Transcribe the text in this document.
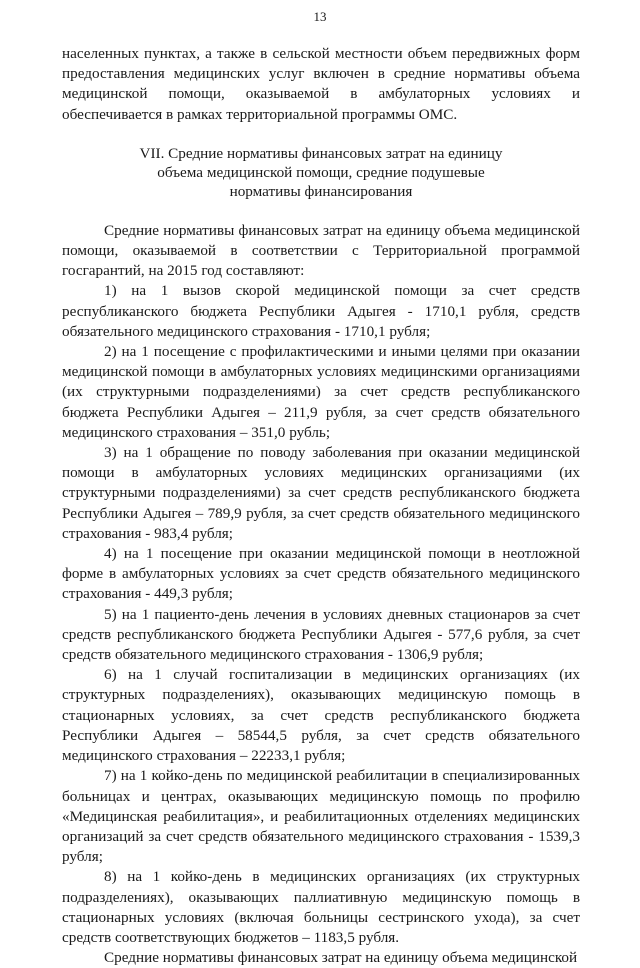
13

населенных пунктах, а также в сельской местности объем передвижных форм предоставления медицинских услуг включен в средние нормативы объема медицинской помощи, оказываемой в амбулаторных условиях и обеспечивается в рамках территориальной программы ОМС.

VII. Средние нормативы финансовых затрат на единицу
объема медицинской помощи, средние подушевые
нормативы финансирования

Средние нормативы финансовых затрат на единицу объема медицинской помощи, оказываемой в соответствии с Территориальной программой госгарантий, на 2015 год составляют:

1) на 1 вызов скорой медицинской помощи за счет средств республиканского бюджета Республики Адыгея - 1710,1 рубля, средств обязательного медицинского страхования - 1710,1 рубля;

2) на 1 посещение с профилактическими и иными целями при оказании медицинской помощи в амбулаторных условиях медицинскими организациями (их структурными подразделениями) за счет средств республиканского бюджета Республики Адыгея – 211,9 рубля, за счет средств обязательного медицинского страхования – 351,0 рубль;

3) на 1 обращение по поводу заболевания при оказании медицинской помощи в амбулаторных условиях медицинских организациями (их структурными подразделениями) за счет средств республиканского бюджета Республики Адыгея – 789,9 рубля, за счет средств обязательного медицинского страхования - 983,4 рубля;

4) на 1 посещение при оказании медицинской помощи в неотложной форме в амбулаторных условиях за счет средств обязательного медицинского страхования - 449,3 рубля;

5) на 1 пациенто-день лечения в условиях дневных стационаров за счет средств республиканского бюджета Республики Адыгея - 577,6 рубля, за счет средств обязательного медицинского страхования - 1306,9 рубля;

6) на 1 случай госпитализации в медицинских организациях (их структурных подразделениях), оказывающих медицинскую помощь в стационарных условиях, за счет средств республиканского бюджета Республики Адыгея – 58544,5 рубля, за счет средств обязательного медицинского страхования – 22233,1 рубля;

7) на 1 койко-день по медицинской реабилитации в специализированных больницах и центрах, оказывающих медицинскую помощь по профилю «Медицинская реабилитация», и реабилитационных отделениях медицинских организаций за счет средств обязательного медицинского страхования - 1539,3 рубля;

8) на 1 койко-день в медицинских организациях (их структурных подразделениях), оказывающих паллиативную медицинскую помощь в стационарных условиях (включая больницы сестринского ухода), за счет средств соответствующих бюджетов – 1183,5 рубля.

Средние нормативы финансовых затрат на единицу объема медицинской
